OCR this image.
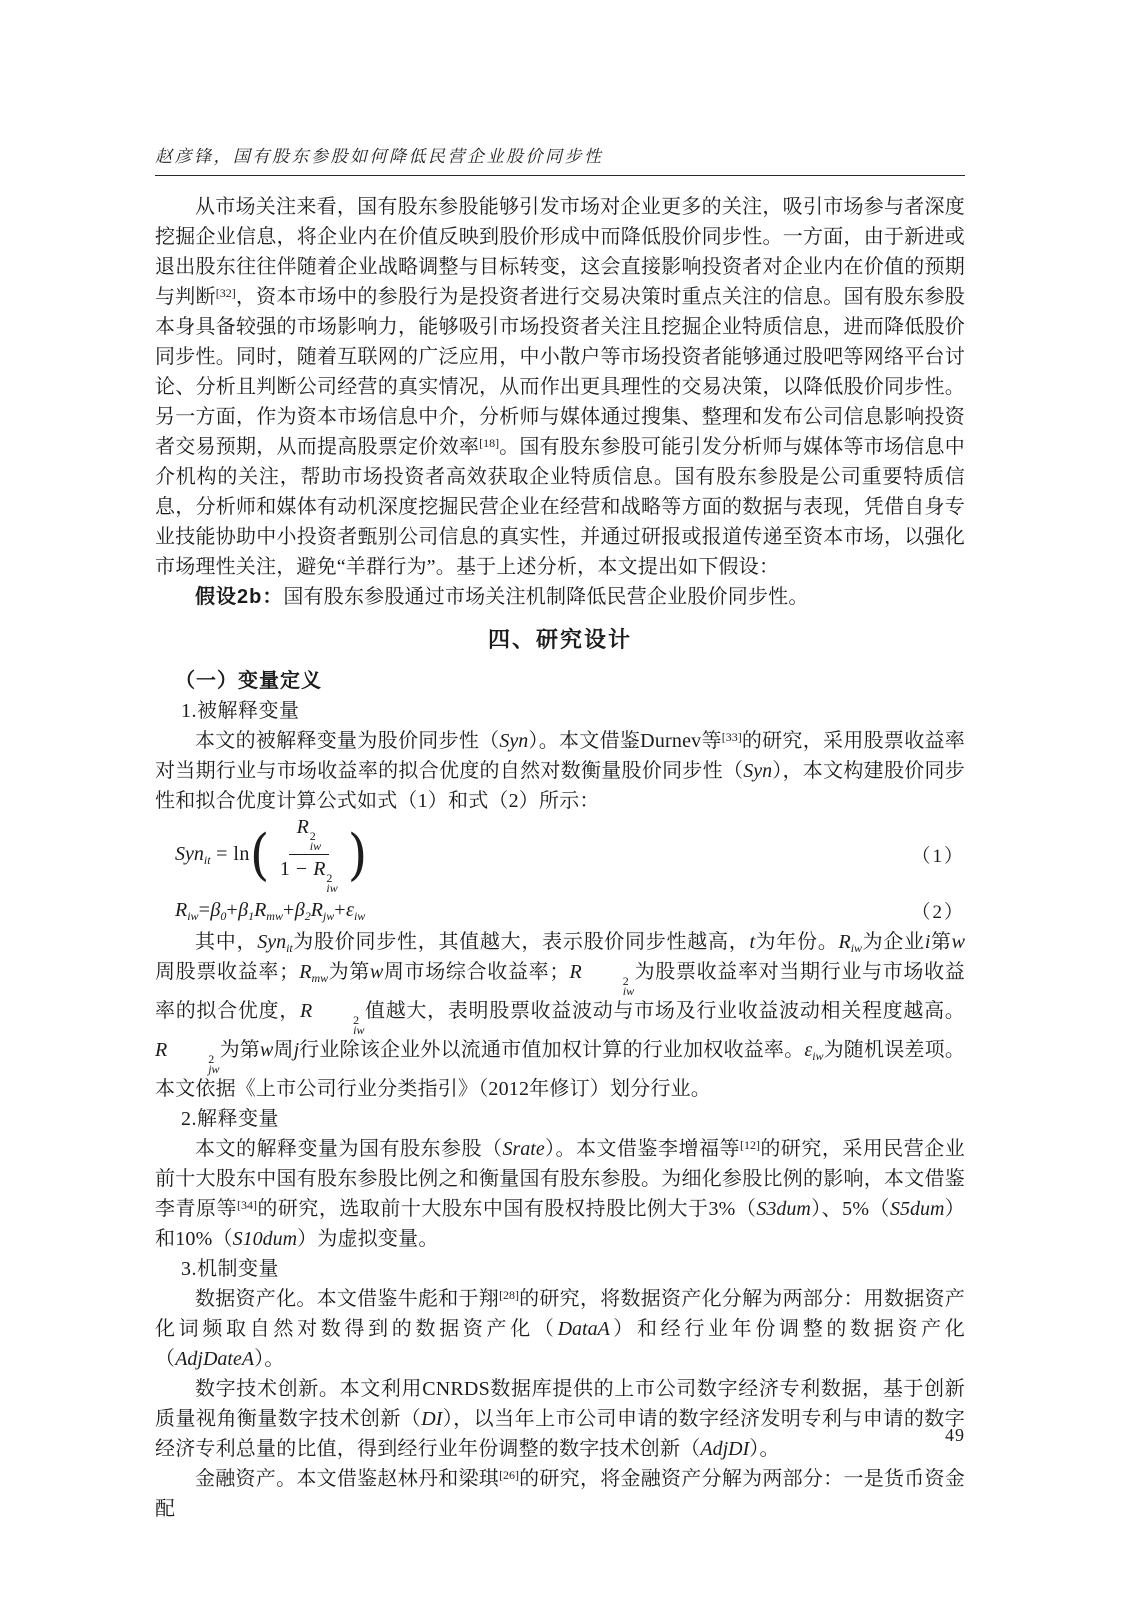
赵彦锋，国有股东参股如何降低民营企业股价同步性

从市场关注来看，国有股东参股能够引发市场对企业更多的关注，吸引市场参与者深度挖掘企业信息，将企业内在价值反映到股价形成中而降低股价同步性。一方面，由于新进或退出股东往往伴随着企业战略调整与目标转变，这会直接影响投资者对企业内在价值的预期与判断[32]，资本市场中的参股行为是投资者进行交易决策时重点关注的信息。国有股东参股本身具备较强的市场影响力，能够吸引市场投资者关注且挖掘企业特质信息，进而降低股价同步性。同时，随着互联网的广泛应用，中小散户等市场投资者能够通过股吧等网络平台讨论、分析且判断公司经营的真实情况，从而作出更具理性的交易决策，以降低股价同步性。另一方面，作为资本市场信息中介，分析师与媒体通过搜集、整理和发布公司信息影响投资者交易预期，从而提高股票定价效率[18]。国有股东参股可能引发分析师与媒体等市场信息中介机构的关注，帮助市场投资者高效获取企业特质信息。国有股东参股是公司重要特质信息，分析师和媒体有动机深度挖掘民营企业在经营和战略等方面的数据与表现，凭借自身专业技能协助中小投资者甄别公司信息的真实性，并通过研报或报道传递至资本市场，以强化市场理性关注，避免“羊群行为”。基于上述分析，本文提出如下假设：

假设2b：国有股东参股通过市场关注机制降低民营企业股价同步性。

四、研究设计

（一）变量定义

1.被解释变量

本文的被解释变量为股价同步性（Syn）。本文借鉴Durnev等[33]的研究，采用股票收益率对当期行业与市场收益率的拟合优度的自然对数衡量股价同步性（Syn），本文构建股价同步性和拟合优度计算公式如式（1）和式（2）所示：

Syn$_{it}$ = ln ( R 2
iw
1 − R 2
iw )	（1）
$R_{iw} = \beta_0 + \beta_1$ $R_{mw} + \beta_2$ $R_{jw} + \varepsilon_{iw}$	（2）

其中，Syn$_{it}$为股价同步性，其值越大，表示股价同步性越高，t为年份。$R_{iw}$为企业i第w周股票收益率；$R_{mw}$为第w周市场综合收益率；R	2
iw
为股票收益率对当期行业与市场收益率的拟合优度，R	2
iw
值越大，表明股票收益波动与市场及行业收益波动相关程度越高。R	2
jw
为第w周j行业除该企业外以流通市值加权计算的行业加权收益率。$\varepsilon_{iw}$为随机误差项。本文依据《上市公司行业分类指引》（2012年修订）划分行业。

2.解释变量

本文的解释变量为国有股东参股（Srate）。本文借鉴李增福等[12]的研究，采用民营企业前十大股东中国有股东参股比例之和衡量国有股东参股。为细化参股比例的影响，本文借鉴李青原等[34]的研究，选取前十大股东中国有股权持股比例大于3%（S3dum）、5%（S5dum）和10%（S10dum）为虚拟变量。

3.机制变量

数据资产化。本文借鉴牛彪和于翔[28]的研究，将数据资产化分解为两部分：用数据资产化词频取自然对数得到的数据资产化（DataA）和经行业年份调整的数据资产化（AdjDateA）。

数字技术创新。本文利用CNRDS数据库提供的上市公司数字经济专利数据，基于创新质量视角衡量数字技术创新（DI），以当年上市公司申请的数字经济发明专利与申请的数字经济专利总量的比值，得到经行业年份调整的数字技术创新（AdjDI）。

金融资产。本文借鉴赵林丹和梁琪[26]的研究，将金融资产分解为两部分：一是货币资金配

49
